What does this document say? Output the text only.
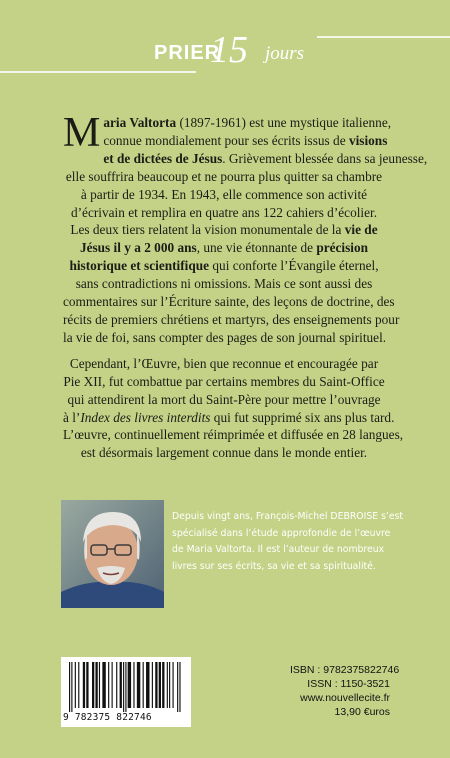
PRIER
15 jours

M aria Valtorta (1897-1961) est une mystique italienne,
connue mondialement pour ses écrits issus de visions
et de dictées de Jésus. Grièvement blessée dans sa jeunesse,
elle souffrira beaucoup et ne pourra plus quitter sa chambre
à partir de 1934. En 1943, elle commence son activité
d’écrivain et remplira en quatre ans 122 cahiers d’écolier.
Les deux tiers relatent la vision monumentale de la vie de
Jésus il y a 2 000 ans, une vie étonnante de précision
historique et scientifique qui conforte l’Évangile éternel,
sans contradictions ni omissions. Mais ce sont aussi des
commentaires sur l’Écriture sainte, des leçons de doctrine, des
récits de premiers chrétiens et martyrs, des enseignements pour
la vie de foi, sans compter des pages de son journal spirituel.

Cependant, l’Œuvre, bien que reconnue et encouragée par
Pie XII, fut combattue par certains membres du Saint-Office
qui attendirent la mort du Saint-Père pour mettre l’ouvrage
à l’Index des livres interdits qui fut supprimé six ans plus tard.
L’œuvre, continuellement réimprimée et diffusée en 28 langues,
est désormais largement connue dans le monde entier.

Depuis vingt ans, François-Michel DEBROISE s’est
spécialisé dans l’étude approfondie de l’œuvre
de Maria Valtorta. Il est l’auteur de nombreux
livres sur ses écrits, sa vie et sa spiritualité.
9 782375 822746
ISBN : 9782375822746
ISSN : 1150-3521
www.nouvellecite.fr
13,90 €uros
